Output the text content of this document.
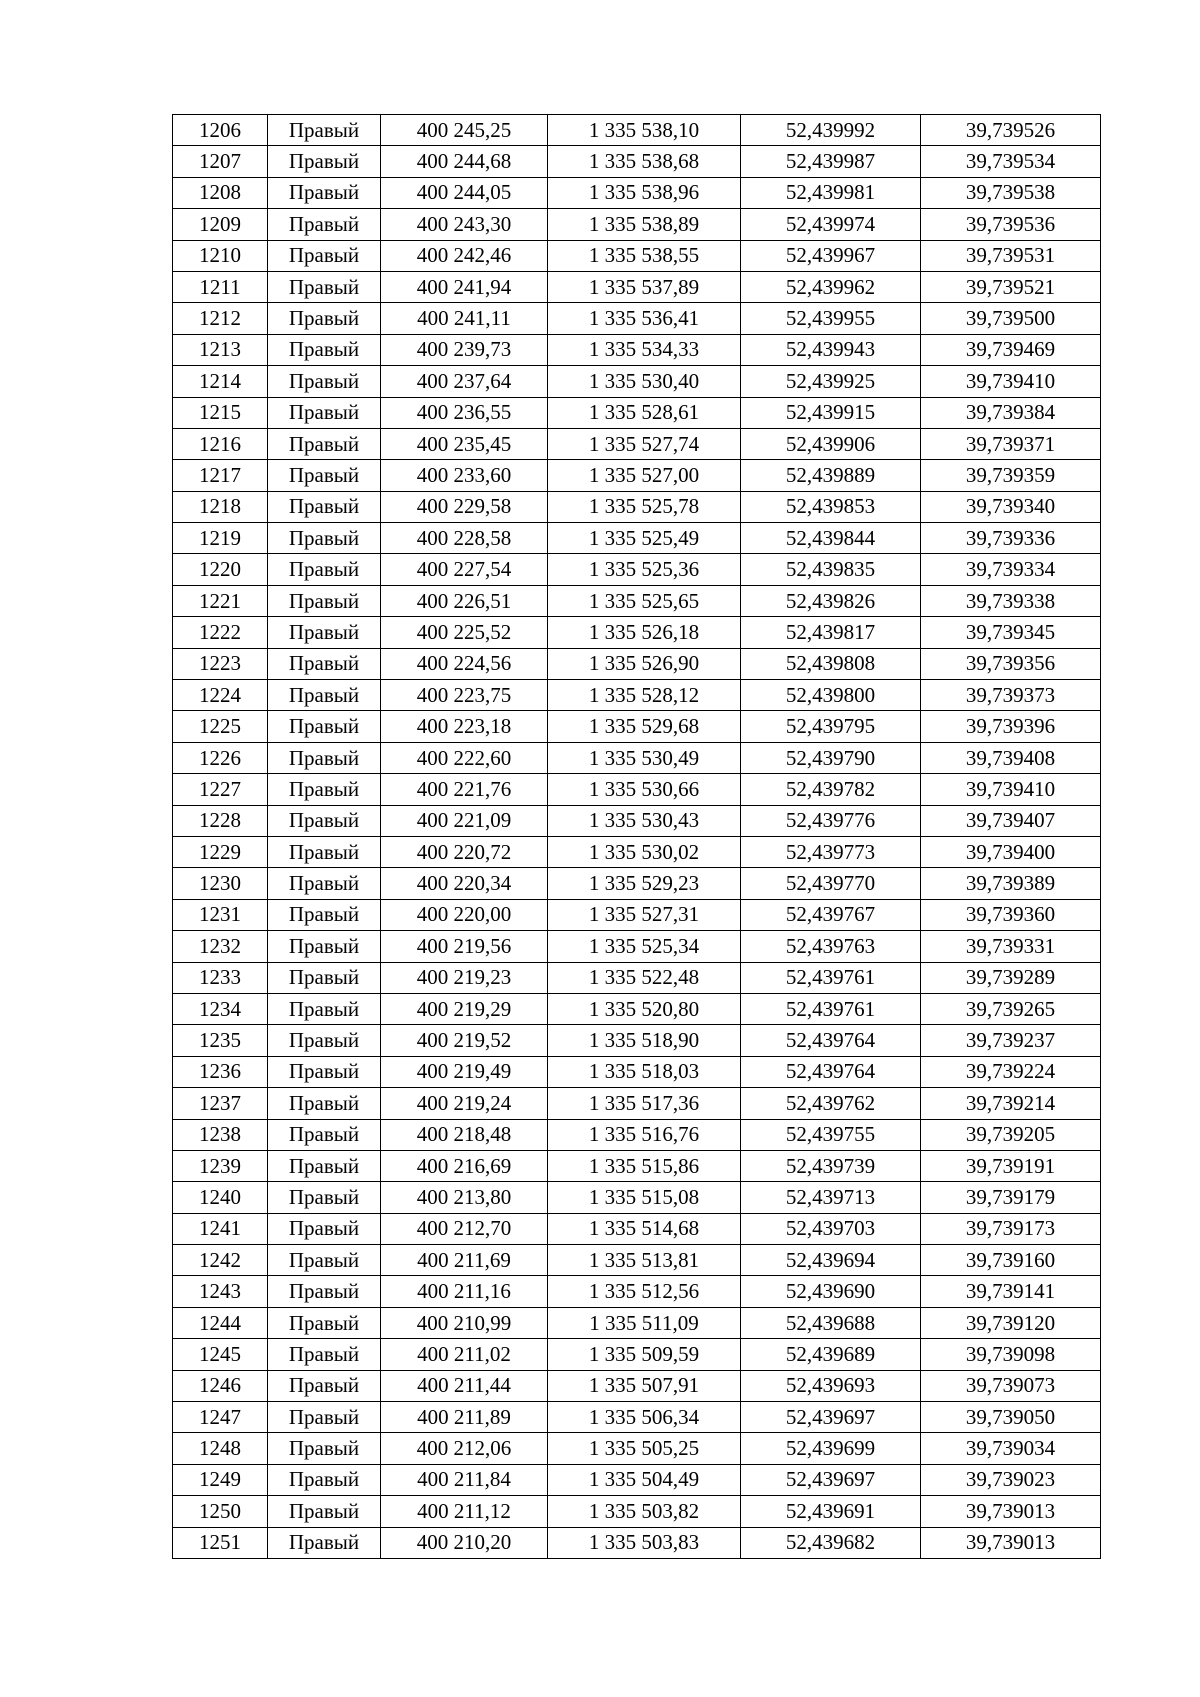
1206	Правый	400 245,25	1 335 538,10	52,439992	39,739526
1207	Правый	400 244,68	1 335 538,68	52,439987	39,739534
1208	Правый	400 244,05	1 335 538,96	52,439981	39,739538
1209	Правый	400 243,30	1 335 538,89	52,439974	39,739536
1210	Правый	400 242,46	1 335 538,55	52,439967	39,739531
1211	Правый	400 241,94	1 335 537,89	52,439962	39,739521
1212	Правый	400 241,11	1 335 536,41	52,439955	39,739500
1213	Правый	400 239,73	1 335 534,33	52,439943	39,739469
1214	Правый	400 237,64	1 335 530,40	52,439925	39,739410
1215	Правый	400 236,55	1 335 528,61	52,439915	39,739384
1216	Правый	400 235,45	1 335 527,74	52,439906	39,739371
1217	Правый	400 233,60	1 335 527,00	52,439889	39,739359
1218	Правый	400 229,58	1 335 525,78	52,439853	39,739340
1219	Правый	400 228,58	1 335 525,49	52,439844	39,739336
1220	Правый	400 227,54	1 335 525,36	52,439835	39,739334
1221	Правый	400 226,51	1 335 525,65	52,439826	39,739338
1222	Правый	400 225,52	1 335 526,18	52,439817	39,739345
1223	Правый	400 224,56	1 335 526,90	52,439808	39,739356
1224	Правый	400 223,75	1 335 528,12	52,439800	39,739373
1225	Правый	400 223,18	1 335 529,68	52,439795	39,739396
1226	Правый	400 222,60	1 335 530,49	52,439790	39,739408
1227	Правый	400 221,76	1 335 530,66	52,439782	39,739410
1228	Правый	400 221,09	1 335 530,43	52,439776	39,739407
1229	Правый	400 220,72	1 335 530,02	52,439773	39,739400
1230	Правый	400 220,34	1 335 529,23	52,439770	39,739389
1231	Правый	400 220,00	1 335 527,31	52,439767	39,739360
1232	Правый	400 219,56	1 335 525,34	52,439763	39,739331
1233	Правый	400 219,23	1 335 522,48	52,439761	39,739289
1234	Правый	400 219,29	1 335 520,80	52,439761	39,739265
1235	Правый	400 219,52	1 335 518,90	52,439764	39,739237
1236	Правый	400 219,49	1 335 518,03	52,439764	39,739224
1237	Правый	400 219,24	1 335 517,36	52,439762	39,739214
1238	Правый	400 218,48	1 335 516,76	52,439755	39,739205
1239	Правый	400 216,69	1 335 515,86	52,439739	39,739191
1240	Правый	400 213,80	1 335 515,08	52,439713	39,739179
1241	Правый	400 212,70	1 335 514,68	52,439703	39,739173
1242	Правый	400 211,69	1 335 513,81	52,439694	39,739160
1243	Правый	400 211,16	1 335 512,56	52,439690	39,739141
1244	Правый	400 210,99	1 335 511,09	52,439688	39,739120
1245	Правый	400 211,02	1 335 509,59	52,439689	39,739098
1246	Правый	400 211,44	1 335 507,91	52,439693	39,739073
1247	Правый	400 211,89	1 335 506,34	52,439697	39,739050
1248	Правый	400 212,06	1 335 505,25	52,439699	39,739034
1249	Правый	400 211,84	1 335 504,49	52,439697	39,739023
1250	Правый	400 211,12	1 335 503,82	52,439691	39,739013
1251	Правый	400 210,20	1 335 503,83	52,439682	39,739013
